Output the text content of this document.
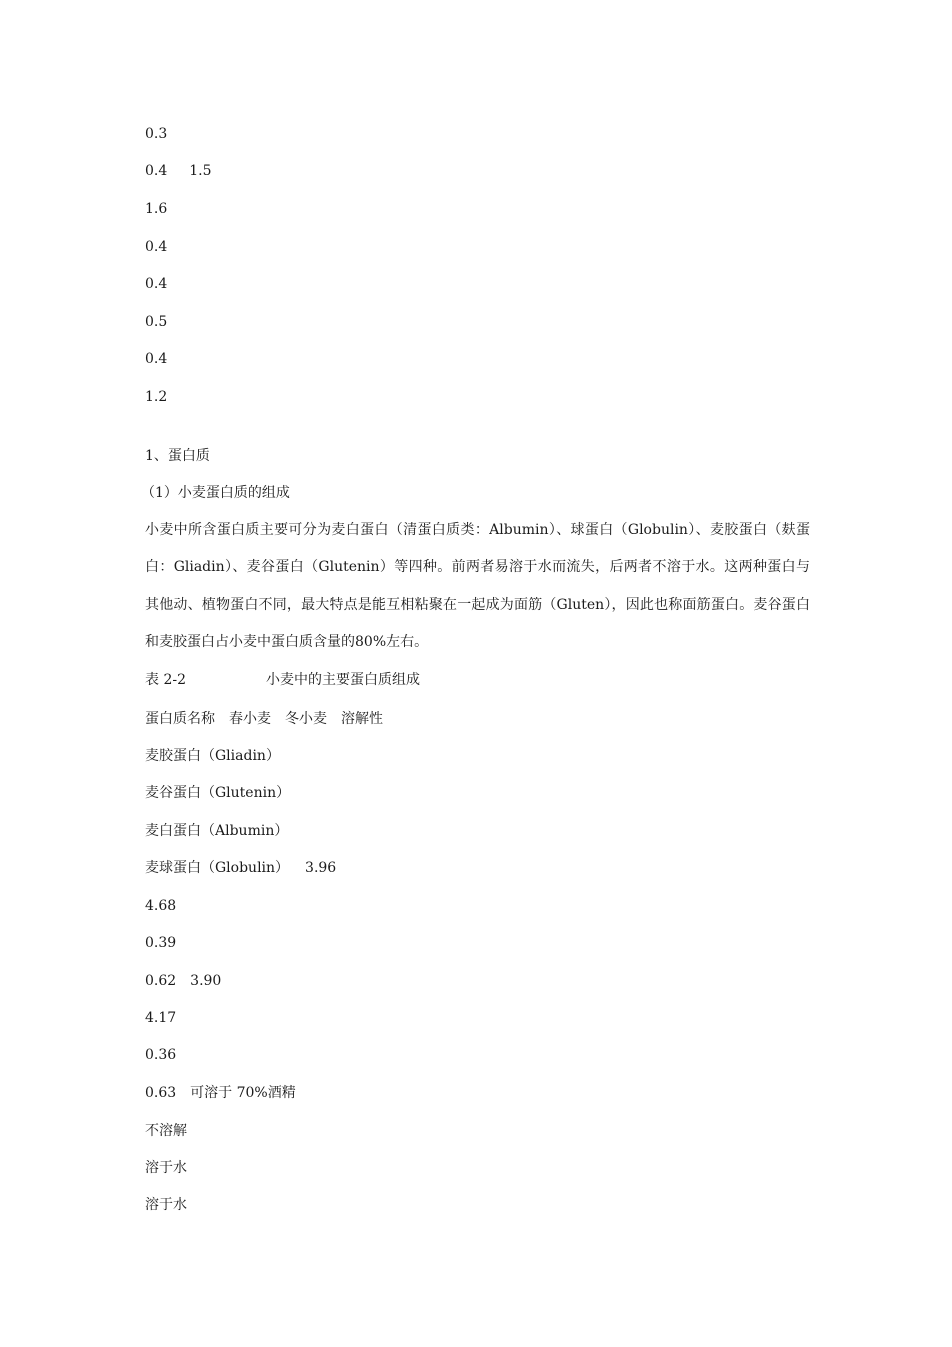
0.3
0.4 1.5
1.6
0.4
0.4
0.5
0.4
1.2
1、蛋白质
（1）小麦蛋白质的组成
小麦中所含蛋白质主要可分为麦白蛋白（清蛋白质类：Albumin）、球蛋白（Globulin）、麦胶蛋白（麸蛋白：Gliadin）、麦谷蛋白（Glutenin）等四种。前两者易溶于水而流失，后两者不溶于水。这两种蛋白与其他动、植物蛋白不同，最大特点是能互相粘聚在一起成为面筋（Gluten），因此也称面筋蛋白。麦谷蛋白和麦胶蛋白占小麦中蛋白质含量的80%左右。
表 2-2	小麦中的主要蛋白质组成
蛋白质名称 春小麦 冬小麦 溶解性
麦胶蛋白（Gliadin）
麦谷蛋白（Glutenin）
麦白蛋白（Albumin）
麦球蛋白（Globulin） 3.96
4.68
0.39
0.62 3.90
4.17
0.36
0.63 可溶于 70%酒精
不溶解
溶于水
溶于水
